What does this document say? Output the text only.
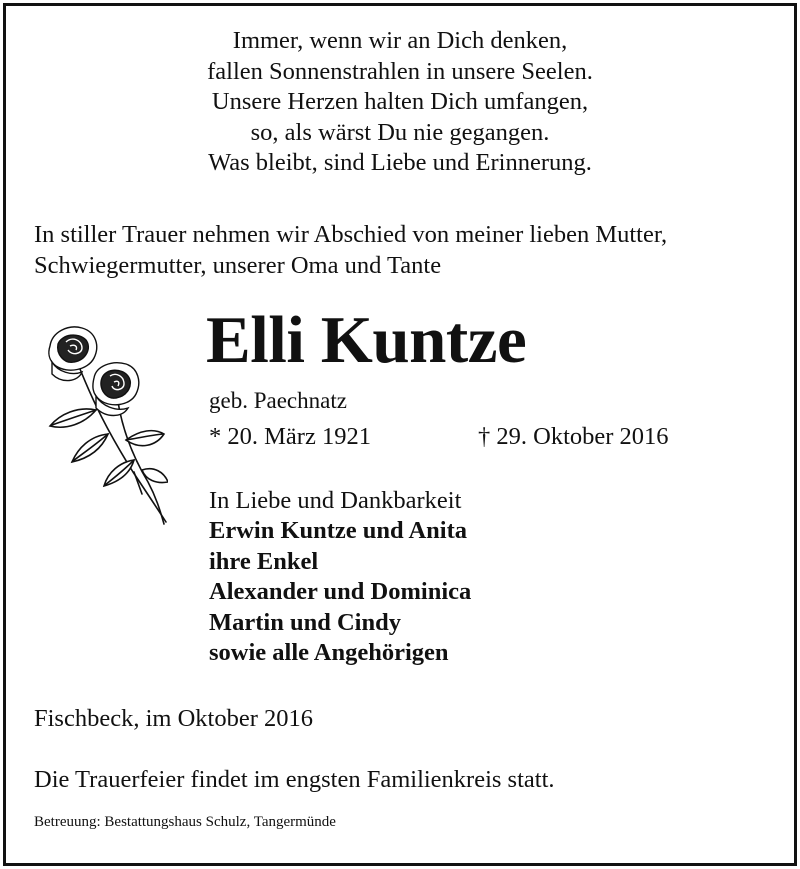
Immer, wenn wir an Dich denken,
fallen Sonnenstrahlen in unsere Seelen.
Unsere Herzen halten Dich umfangen,
so, als wärst Du nie gegangen.
Was bleibt, sind Liebe und Erinnerung.
In stiller Trauer nehmen wir Abschied von meiner lieben Mutter,
Schwiegermutter, unserer Oma und Tante
Elli Kuntze
geb. Paechnatz
* 20. März 1921	† 29. Oktober 2016
In Liebe und Dankbarkeit
Erwin Kuntze und Anita
ihre Enkel
Alexander und Dominica
Martin und Cindy
sowie alle Angehörigen
Fischbeck, im Oktober 2016
Die Trauerfeier findet im engsten Familienkreis statt.
Betreuung: Bestattungshaus Schulz, Tangermünde
